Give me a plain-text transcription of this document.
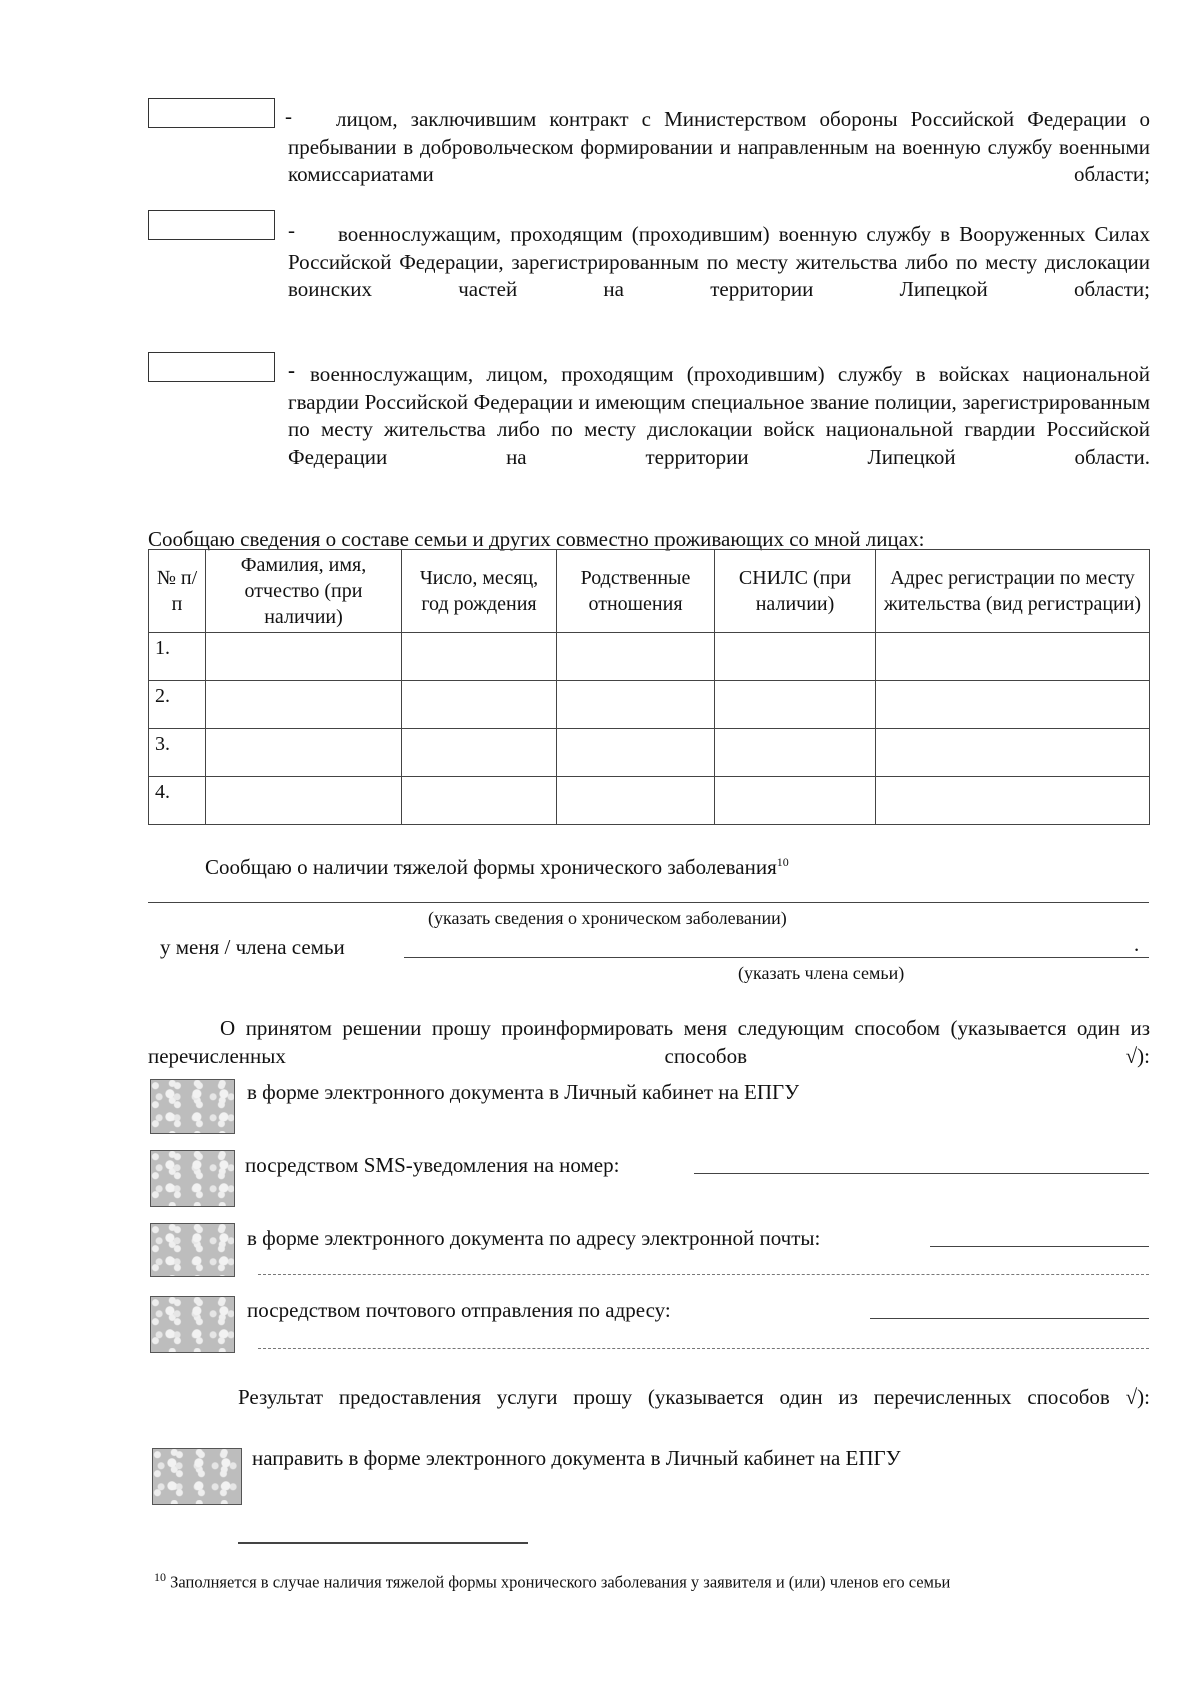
-	лицом, заключившим контракт с Министерством обороны Российской Федерации о пребывании в добровольческом формировании и направленным на военную службу военными комиссариатами области;
-	военнослужащим, проходящим (проходившим) военную службу в Вооруженных Силах Российской Федерации, зарегистрированным по месту жительства либо по месту дислокации воинских частей на территории Липецкой области;
- военнослужащим, лицом, проходящим (проходившим) службу в войсках национальной гвардии Российской Федерации и имеющим специальное звание полиции, зарегистрированным по месту жительства либо по месту дислокации войск национальной гвардии Российской Федерации на территории Липецкой области.
Сообщаю сведения о составе семьи и других совместно проживающих со мной лицах:
№ п/п	Фамилия, имя, отчество (при наличии)	Число, месяц, год рождения	Родственные отношения	СНИЛС (при наличии)	Адрес регистрации по месту жительства (вид регистрации)
1.					
2.					
3.					
4.					
Сообщаю о наличии тяжелой формы хронического заболевания$^{10}$
(указать сведения о хроническом заболевании)
у меня / члена семьи	.
(указать члена семьи)
О принятом решении прошу проинформировать меня следующим способом (указывается один из перечисленных способов √):
в форме электронного документа в Личный кабинет на ЕПГУ
посредством SMS-уведомления на номер:
в форме электронного документа по адресу электронной почты:
посредством почтового отправления по адресу:
Результат предоставления услуги прошу (указывается один из перечисленных способов √):
направить в форме электронного документа в Личный кабинет на ЕПГУ
$^{10}$ Заполняется в случае наличия тяжелой формы хронического заболевания у заявителя и (или) членов его семьи
